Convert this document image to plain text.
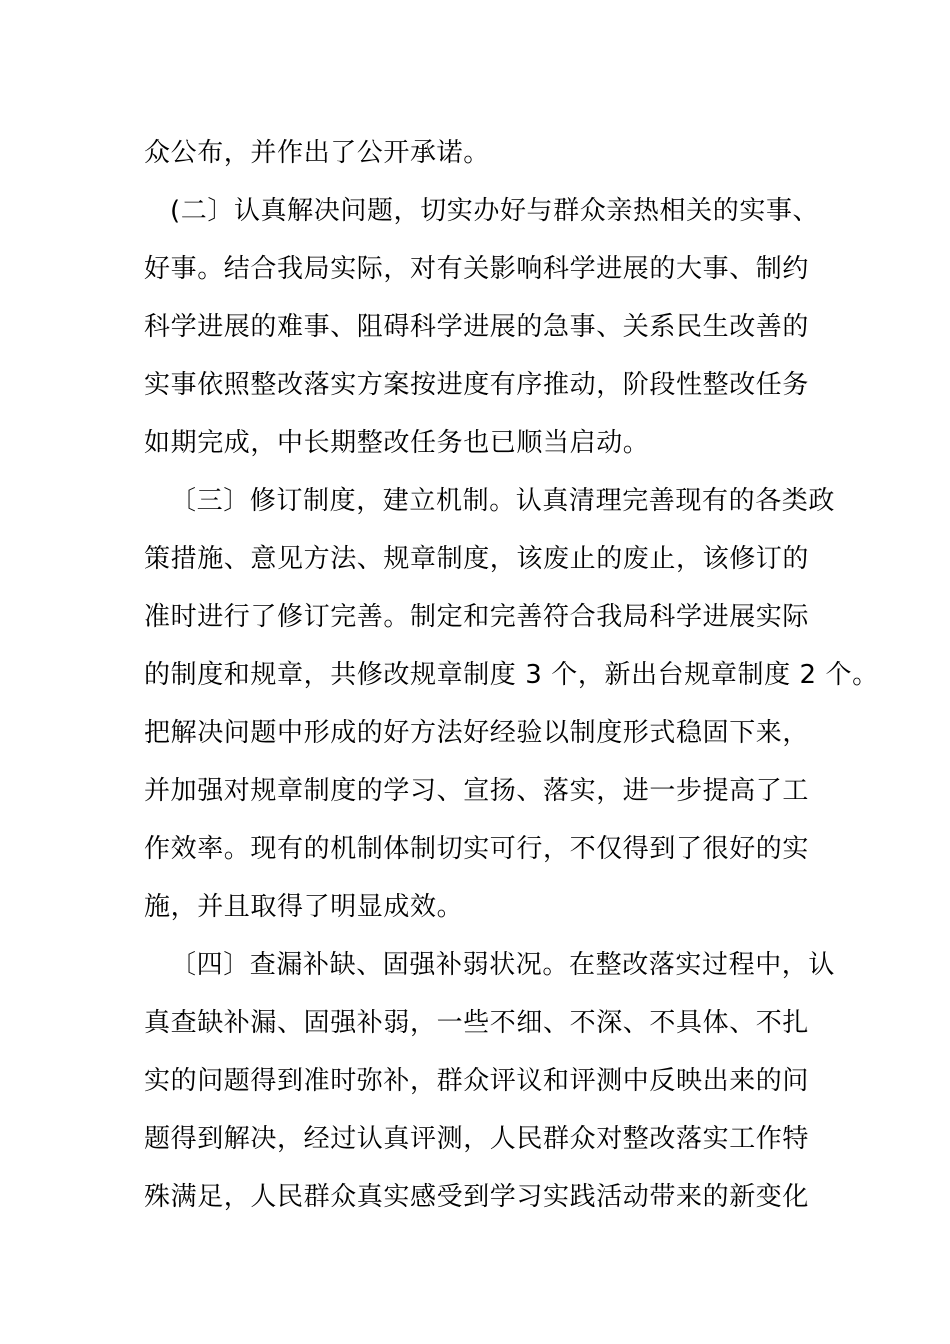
众公布，并作出了公开承诺。
(二〕认真解决问题，切实办好与群众亲热相关的实事、
好事。结合我局实际，对有关影响科学进展的大事、制约
科学进展的难事、阻碍科学进展的急事、关系民生改善的
实事依照整改落实方案按进度有序推动，阶段性整改任务
如期完成，中长期整改任务也已顺当启动。
〔三〕修订制度，建立机制。认真清理完善现有的各类政
策措施、意见方法、规章制度，该废止的废止，该修订的
准时进行了修订完善。制定和完善符合我局科学进展实际
的制度和规章，共修改规章制度 3 个，新出台规章制度 2 个。
把解决问题中形成的好方法好经验以制度形式稳固下来，
并加强对规章制度的学习、宣扬、落实，进一步提高了工
作效率。现有的机制体制切实可行，不仅得到了很好的实
施，并且取得了明显成效。
〔四〕查漏补缺、固强补弱状况。在整改落实过程中，认
真查缺补漏、固强补弱，一些不细、不深、不具体、不扎
实的问题得到准时弥补，群众评议和评测中反映出来的问
题得到解决，经过认真评测，人民群众对整改落实工作特
殊满足，人民群众真实感受到学习实践活动带来的新变化
